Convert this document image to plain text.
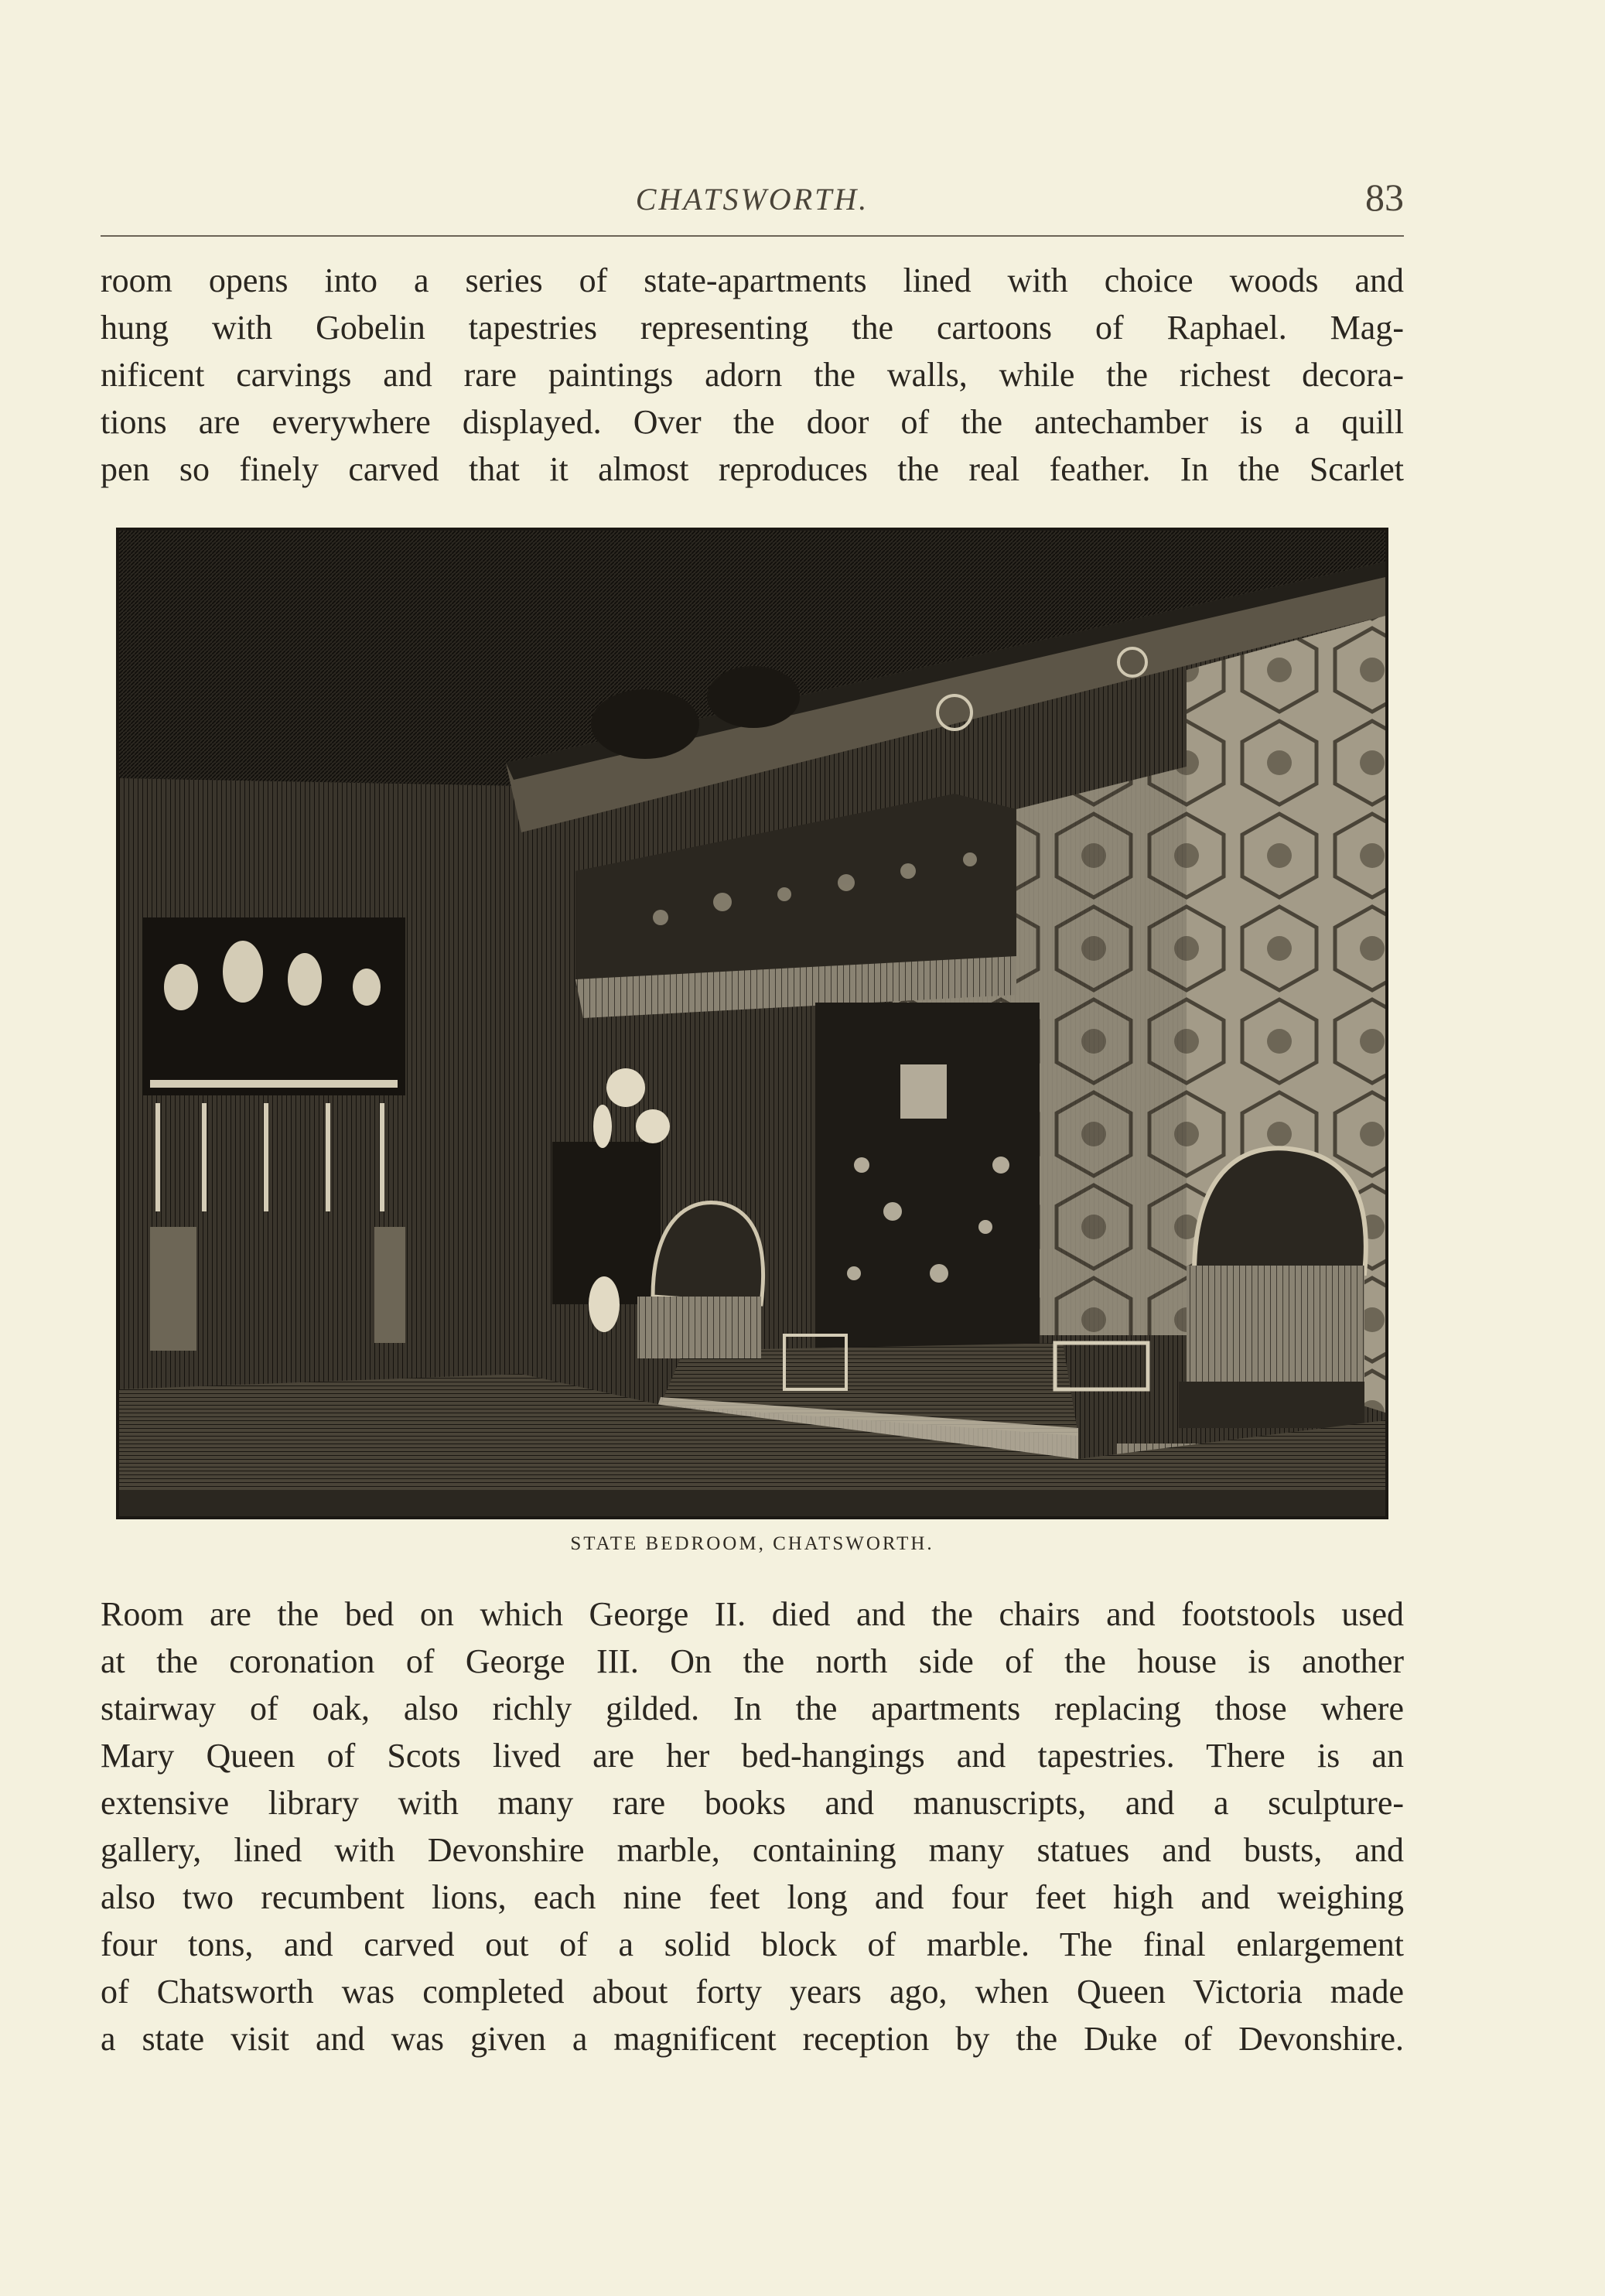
CHATSWORTH.	83
room opens into a series of state-apartments lined with choice woods and
hung with Gobelin tapestries representing the cartoons of Raphael. Mag-
nificent carvings and rare paintings adorn the walls, while the richest decora-
tions are everywhere displayed. Over the door of the antechamber is a quill
pen so finely carved that it almost reproduces the real feather. In the Scarlet
STATE BEDROOM, CHATSWORTH.
Room are the bed on which George II. died and the chairs and footstools used
at the coronation of George III. On the north side of the house is another
stairway of oak, also richly gilded. In the apartments replacing those where
Mary Queen of Scots lived are her bed-hangings and tapestries. There is an
extensive library with many rare books and manuscripts, and a sculpture-
gallery, lined with Devonshire marble, containing many statues and busts, and
also two recumbent lions, each nine feet long and four feet high and weighing
four tons, and carved out of a solid block of marble. The final enlargement
of Chatsworth was completed about forty years ago, when Queen Victoria made
a state visit and was given a magnificent reception by the Duke of Devonshire.
